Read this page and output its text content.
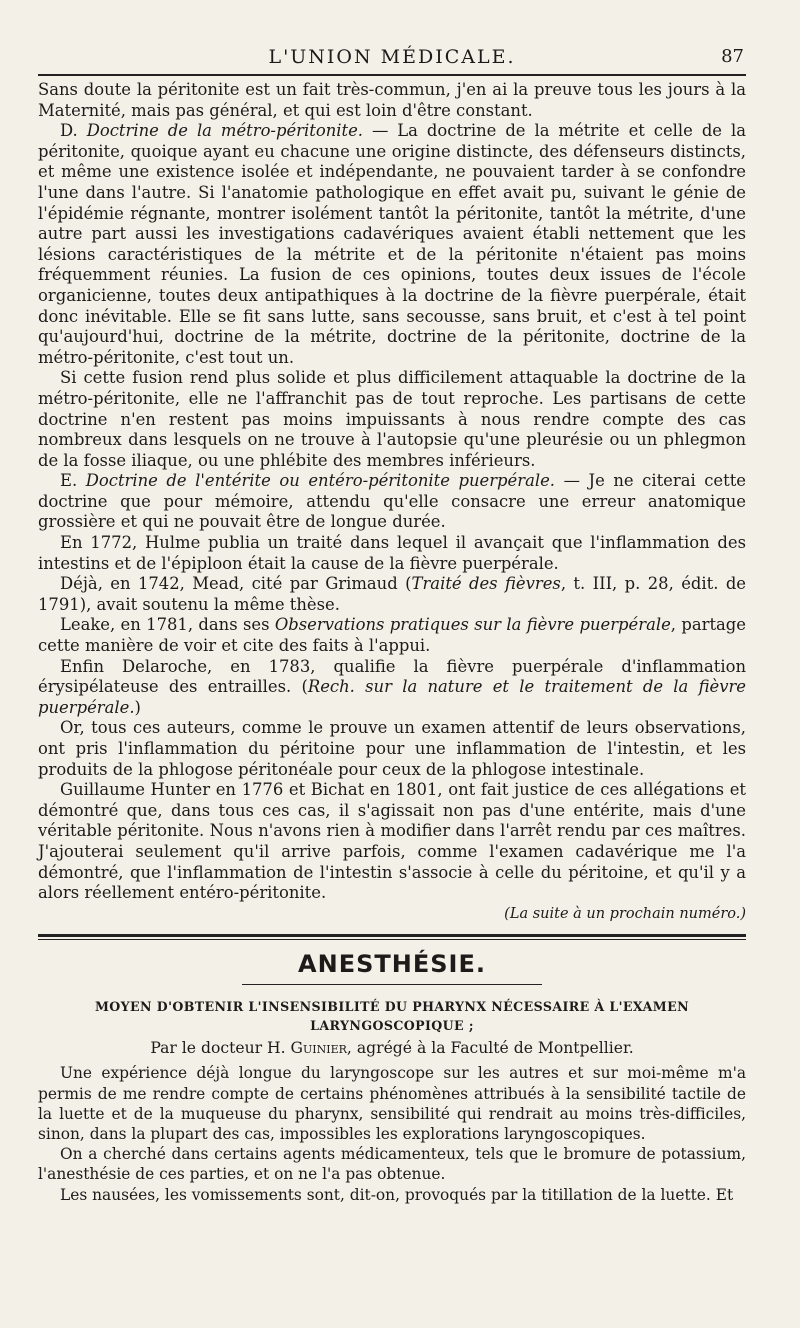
L'UNION MÉDICALE.	87

Sans doute la péritonite est un fait très-commun, j'en ai la preuve tous les jours à la Maternité, mais pas général, et qui est loin d'être constant.

D. Doctrine de la métro-péritonite. — La doctrine de la métrite et celle de la péritonite, quoique ayant eu chacune une origine distincte, des défenseurs distincts, et même une existence isolée et indépendante, ne pouvaient tarder à se confondre l'une dans l'autre. Si l'anatomie pathologique en effet avait pu, suivant le génie de l'épidémie régnante, montrer isolément tantôt la péritonite, tantôt la métrite, d'une autre part aussi les investigations cadavériques avaient établi nettement que les lésions caractéristiques de la métrite et de la péritonite n'étaient pas moins fréquemment réunies. La fusion de ces opinions, toutes deux issues de l'école organicienne, toutes deux antipathiques à la doctrine de la fièvre puerpérale, était donc inévitable. Elle se fit sans lutte, sans secousse, sans bruit, et c'est à tel point qu'aujourd'hui, doctrine de la métrite, doctrine de la péritonite, doctrine de la métro-péritonite, c'est tout un.

Si cette fusion rend plus solide et plus difficilement attaquable la doctrine de la métro-péritonite, elle ne l'affranchit pas de tout reproche. Les partisans de cette doctrine n'en restent pas moins impuissants à nous rendre compte des cas nombreux dans lesquels on ne trouve à l'autopsie qu'une pleurésie ou un phlegmon de la fosse iliaque, ou une phlébite des membres inférieurs.

E. Doctrine de l'entérite ou entéro-péritonite puerpérale. — Je ne citerai cette doctrine que pour mémoire, attendu qu'elle consacre une erreur anatomique grossière et qui ne pouvait être de longue durée.

En 1772, Hulme publia un traité dans lequel il avançait que l'inflammation des intestins et de l'épiploon était la cause de la fièvre puerpérale.

Déjà, en 1742, Mead, cité par Grimaud (Traité des fièvres, t. III, p. 28, édit. de 1791), avait soutenu la même thèse.

Leake, en 1781, dans ses Observations pratiques sur la fièvre puerpérale, partage cette manière de voir et cite des faits à l'appui.

Enfin Delaroche, en 1783, qualifie la fièvre puerpérale d'inflammation érysipélateuse des entrailles. (Rech. sur la nature et le traitement de la fièvre puerpérale.)

Or, tous ces auteurs, comme le prouve un examen attentif de leurs observations, ont pris l'inflammation du péritoine pour une inflammation de l'intestin, et les produits de la phlogose péritonéale pour ceux de la phlogose intestinale.

Guillaume Hunter en 1776 et Bichat en 1801, ont fait justice de ces allégations et démontré que, dans tous ces cas, il s'agissait non pas d'une entérite, mais d'une véritable péritonite. Nous n'avons rien à modifier dans l'arrêt rendu par ces maîtres. J'ajouterai seulement qu'il arrive parfois, comme l'examen cadavérique me l'a démontré, que l'inflammation de l'intestin s'associe à celle du péritoine, et qu'il y a alors réellement entéro-péritonite.

(La suite à un prochain numéro.)

ANESTHÉSIE.
MOYEN D'OBTENIR L'INSENSIBILITÉ DU PHARYNX NÉCESSAIRE À L'EXAMEN LARYNGOSCOPIQUE ;
Par le docteur H. Guinier, agrégé à la Faculté de Montpellier.

Une expérience déjà longue du laryngoscope sur les autres et sur moi-même m'a permis de me rendre compte de certains phénomènes attribués à la sensibilité tactile de la luette et de la muqueuse du pharynx, sensibilité qui rendrait au moins très-difficiles, sinon, dans la plupart des cas, impossibles les explorations laryngoscopiques.

On a cherché dans certains agents médicamenteux, tels que le bromure de potassium, l'anesthésie de ces parties, et on ne l'a pas obtenue.

Les nausées, les vomissements sont, dit-on, provoqués par la titillation de la luette. Et
